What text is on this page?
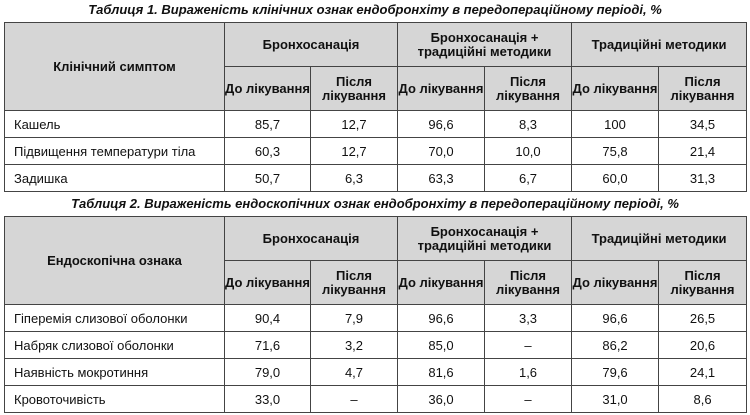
Таблиця 1. Вираженість клінічних ознак ендобронхіту в передопераційному періоді, %
Клінічний симптом	Бронхосанація		Бронхосанація + традиційні методики		Традиційні методики	
	До лікування	Після лікування	До лікування	Після лікування	До лікування	Після лікування
Кашель	85,7	12,7	96,6	8,3	100	34,5
Підвищення температури тіла	60,3	12,7	70,0	10,0	75,8	21,4
Задишка	50,7	6,3	63,3	6,7	60,0	31,3
Таблиця 2. Вираженість ендоскопічних ознак ендобронхіту в передопераційному періоді, %
Ендоскопічна ознака	Бронхосанація		Бронхосанація + традиційні методики		Традиційні методики	
	До лікування	Після лікування	До лікування	Після лікування	До лікування	Після лікування
Гіперемія слизової оболонки	90,4	7,9	96,6	3,3	96,6	26,5
Набряк слизової оболонки	71,6	3,2	85,0	–	86,2	20,6
Наявність мокротиння	79,0	4,7	81,6	1,6	79,6	24,1
Кровоточивість	33,0	–	36,0	–	31,0	8,6
